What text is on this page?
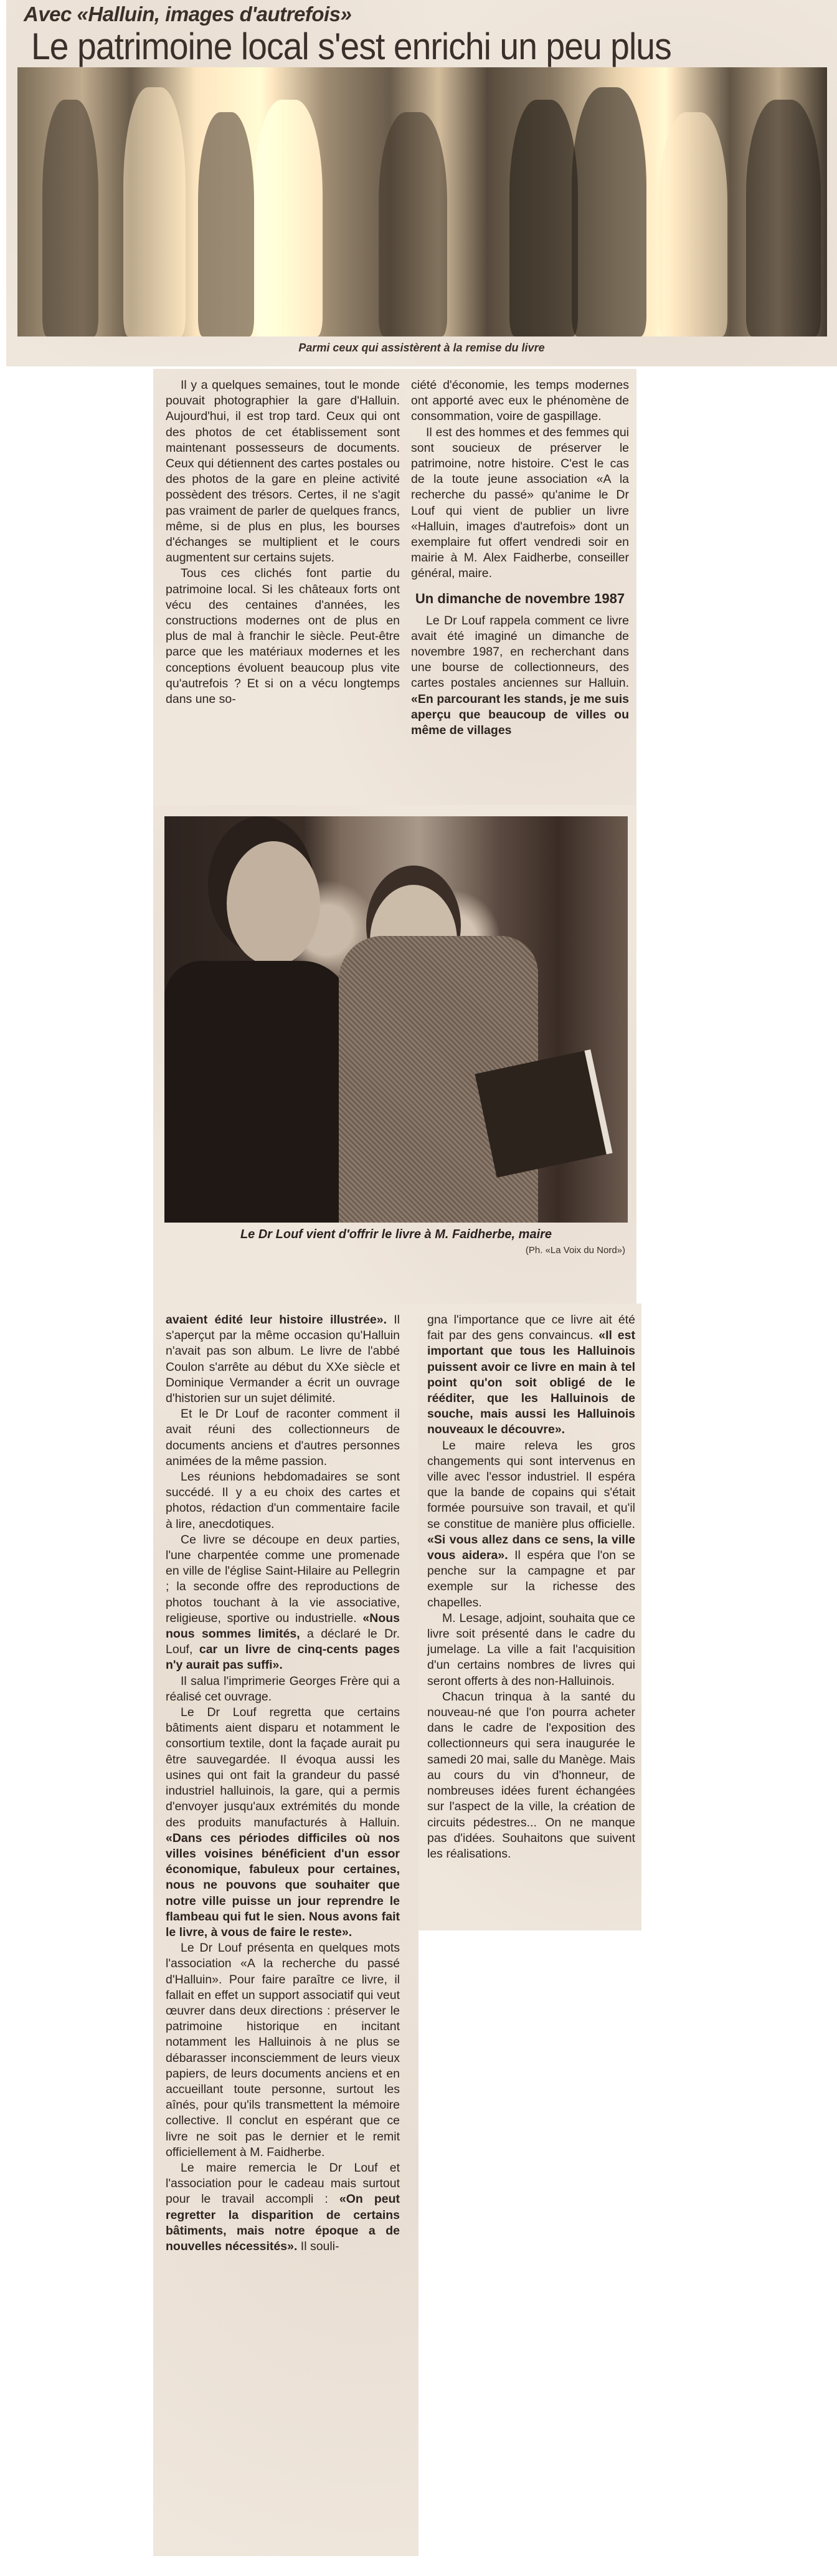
Avec «Halluin, images d'autrefois»
Le patrimoine local s'est enrichi un peu plus
Parmi ceux qui assistèrent à la remise du livre

Il y a quelques semaines, tout le monde pouvait photographier la gare d'Halluin. Aujourd'hui, il est trop tard. Ceux qui ont des photos de cet établissement sont maintenant possesseurs de documents. Ceux qui détiennent des cartes postales ou des photos de la gare en pleine activité possèdent des trésors. Certes, il ne s'agit pas vraiment de parler de quelques francs, même, si de plus en plus, les bourses d'échanges se multiplient et le cours augmentent sur certains sujets.

Tous ces clichés font partie du patrimoine local. Si les châteaux forts ont vécu des centaines d'années, les constructions modernes ont de plus en plus de mal à franchir le siècle. Peut-être parce que les matériaux modernes et les conceptions évoluent beaucoup plus vite qu'autrefois ? Et si on a vécu longtemps dans une so-

ciété d'économie, les temps modernes ont apporté avec eux le phénomène de consommation, voire de gaspillage.

Il est des hommes et des femmes qui sont soucieux de préserver le patrimoine, notre histoire. C'est le cas de la toute jeune association «A la recherche du passé» qu'anime le Dr Louf qui vient de publier un livre «Halluin, images d'autrefois» dont un exemplaire fut offert vendredi soir en mairie à M. Alex Faidherbe, conseiller général, maire.

Un dimanche de novembre 1987

Le Dr Louf rappela comment ce livre avait été imaginé un dimanche de novembre 1987, en recherchant dans une bourse de collectionneurs, des cartes postales anciennes sur Halluin. «En parcourant les stands, je me suis aperçu que beaucoup de villes ou même de villages

Le Dr Louf vient d'offrir le livre à M. Faidherbe, maire
(Ph. «La Voix du Nord»)

avaient édité leur histoire illustrée». Il s'aperçut par la même occasion qu'Halluin n'avait pas son album. Le livre de l'abbé Coulon s'arrête au début du XXe siècle et Dominique Vermander a écrit un ouvrage d'historien sur un sujet délimité.

Et le Dr Louf de raconter comment il avait réuni des collectionneurs de documents anciens et d'autres personnes animées de la même passion.

Les réunions hebdomadaires se sont succédé. Il y a eu choix des cartes et photos, rédaction d'un commentaire facile à lire, anecdotiques.

Ce livre se découpe en deux parties, l'une charpentée comme une promenade en ville de l'église Saint-Hilaire au Pellegrin ; la seconde offre des reproductions de photos touchant à la vie associative, religieuse, sportive ou industrielle. «Nous nous sommes limités, a déclaré le Dr. Louf, car un livre de cinq-cents pages n'y aurait pas suffi».

Il salua l'imprimerie Georges Frère qui a réalisé cet ouvrage.

Le Dr Louf regretta que certains bâtiments aient disparu et notamment le consortium textile, dont la façade aurait pu être sauvegardée. Il évoqua aussi les usines qui ont fait la grandeur du passé industriel halluinois, la gare, qui a permis d'envoyer jusqu'aux extrémités du monde des produits manufacturés à Halluin. «Dans ces périodes difficiles où nos villes voisines bénéficient d'un essor économique, fabuleux pour certaines, nous ne pouvons que souhaiter que notre ville puisse un jour reprendre le flambeau qui fut le sien. Nous avons fait le livre, à vous de faire le reste».

Le Dr Louf présenta en quelques mots l'association «A la recherche du passé d'Halluin». Pour faire paraître ce livre, il fallait en effet un support associatif qui veut œuvrer dans deux directions : préserver le patrimoine historique en incitant notamment les Halluinois à ne plus se débarasser inconsciemment de leurs vieux papiers, de leurs documents anciens et en accueillant toute personne, surtout les aînés, pour qu'ils transmettent la mémoire collective. Il conclut en espérant que ce livre ne soit pas le dernier et le remit officiellement à M. Faidherbe.

Le maire remercia le Dr Louf et l'association pour le cadeau mais surtout pour le travail accompli : «On peut regretter la disparition de certains bâtiments, mais notre époque a de nouvelles nécessités». Il souli-

gna l'importance que ce livre ait été fait par des gens convaincus. «Il est important que tous les Halluinois puissent avoir ce livre en main à tel point qu'on soit obligé de le rééditer, que les Halluinois de souche, mais aussi les Halluinois nouveaux le découvre».

Le maire releva les gros changements qui sont intervenus en ville avec l'essor industriel. Il espéra que la bande de copains qui s'était formée poursuive son travail, et qu'il se constitue de manière plus officielle. «Si vous allez dans ce sens, la ville vous aidera». Il espéra que l'on se penche sur la campagne et par exemple sur la richesse des chapelles.

M. Lesage, adjoint, souhaita que ce livre soit présenté dans le cadre du jumelage. La ville a fait l'acquisition d'un certains nombres de livres qui seront offerts à des non-Halluinois.

Chacun trinqua à la santé du nouveau-né que l'on pourra acheter dans le cadre de l'exposition des collectionneurs qui sera inaugurée le samedi 20 mai, salle du Manège. Mais au cours du vin d'honneur, de nombreuses idées furent échangées sur l'aspect de la ville, la création de circuits pédestres... On ne manque pas d'idées. Souhaitons que suivent les réalisations.
